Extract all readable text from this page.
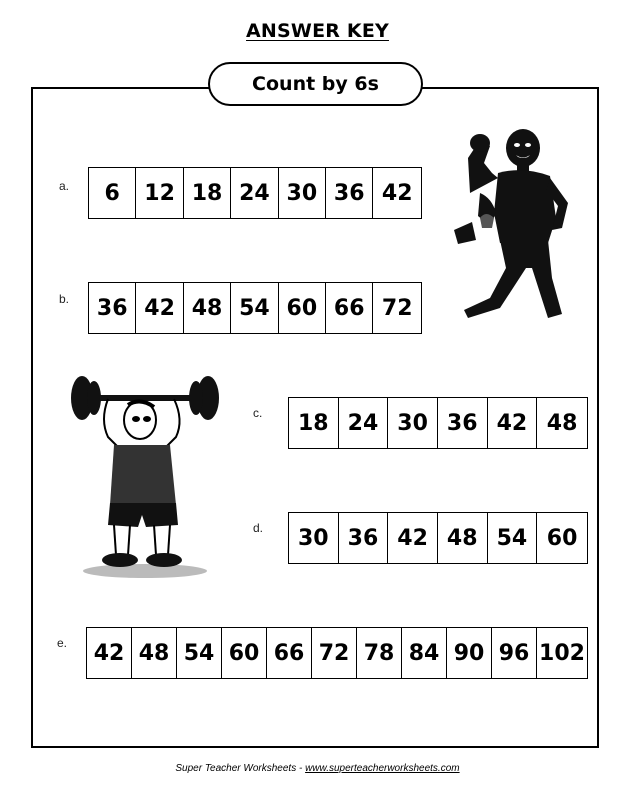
ANSWER KEY
Count by 6s
a.	6	12 18 24 30 36 42
b.	36 42 48 54 60 66 72
c.	18 24 30 36 42 48
d.	30 36 42 48 54 60
e.	42 48 54 60 66 72 78 84 90 96 102
Super Teacher Worksheets - www.superteacherworksheets.com
